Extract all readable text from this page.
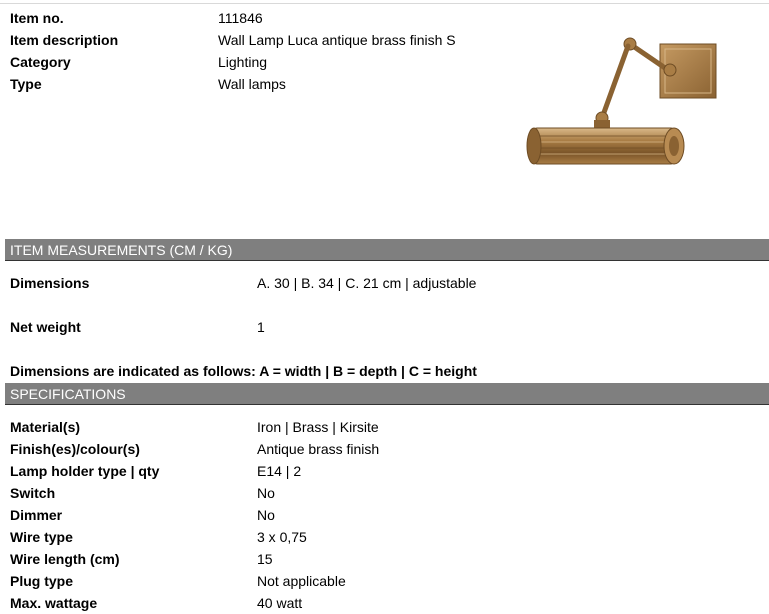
Item no.	111846
Item description	Wall Lamp Luca antique brass finish S
Category	Lighting
Type	Wall lamps
ITEM MEASUREMENTS (CM / KG)
Dimensions	A. 30 | B. 34 | C. 21 cm | adjustable
Net weight	1
Dimensions are indicated as follows: A = width | B = depth | C = height
SPECIFICATIONS
Material(s)	Iron | Brass | Kirsite
Finish(es)/colour(s)	Antique brass finish
Lamp holder type | qty	E14 | 2
Switch	No
Dimmer	No
Wire type	3 x 0,75
Wire length (cm)	15
Plug type	Not applicable
Max. wattage	40 watt
